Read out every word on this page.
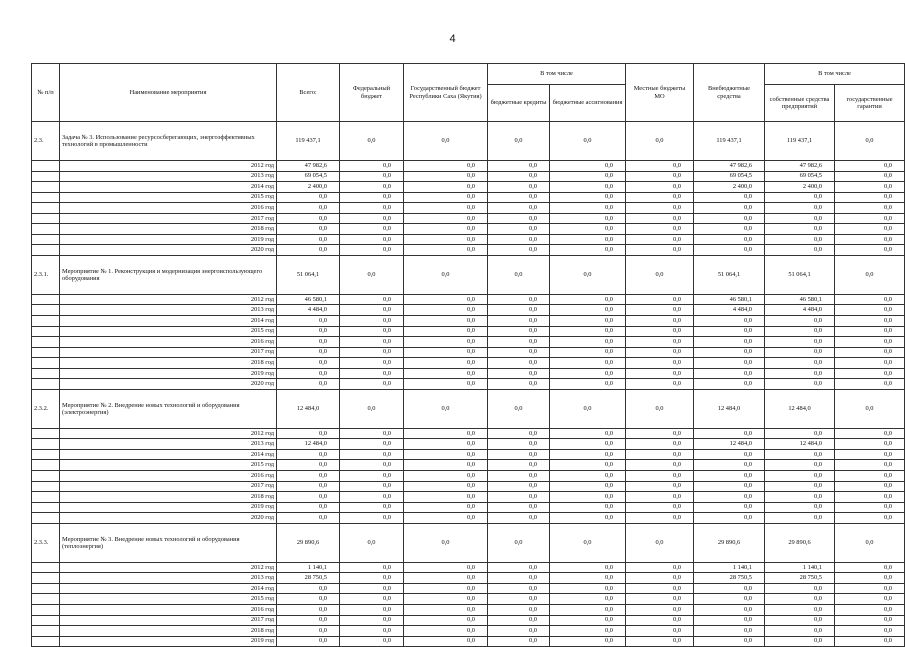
4
№ п/п	Наименование мероприятия	Всего:	Федеральный бюджет	Государственный бюджет Республики Саха (Якутия)	В том числе		Местные бюджеты МО	Внебюджетные средства	В том числе	
					бюджетные кредиты	бюджетные ассигнования			собственные средства предприятий	государственные гарантии
2.3.	Задача № 3. Использование ресурсосберегающих, энергоэффективных технологий в промышленности	119 437,1	0,0	0,0	0,0	0,0	0,0	119 437,1	119 437,1	0,0
	2012 год	47 982,6	0,0	0,0	0,0	0,0	0,0	47 982,6	47 982,6	0,0
	2013 год	69 054,5	0,0	0,0	0,0	0,0	0,0	69 054,5	69 054,5	0,0
	2014 год	2 400,0	0,0	0,0	0,0	0,0	0,0	2 400,0	2 400,0	0,0
	2015 год	0,0	0,0	0,0	0,0	0,0	0,0	0,0	0,0	0,0
	2016 год	0,0	0,0	0,0	0,0	0,0	0,0	0,0	0,0	0,0
	2017 год	0,0	0,0	0,0	0,0	0,0	0,0	0,0	0,0	0,0
	2018 год	0,0	0,0	0,0	0,0	0,0	0,0	0,0	0,0	0,0
	2019 год	0,0	0,0	0,0	0,0	0,0	0,0	0,0	0,0	0,0
	2020 год	0,0	0,0	0,0	0,0	0,0	0,0	0,0	0,0	0,0
2.3.1.	Мероприятие № 1. Реконструкция и модернизация энергоиспользующего оборудования	51 064,1	0,0	0,0	0,0	0,0	0,0	51 064,1	51 064,1	0,0
	2012 год	46 580,1	0,0	0,0	0,0	0,0	0,0	46 580,1	46 580,1	0,0
	2013 год	4 484,0	0,0	0,0	0,0	0,0	0,0	4 484,0	4 484,0	0,0
	2014 год	0,0	0,0	0,0	0,0	0,0	0,0	0,0	0,0	0,0
	2015 год	0,0	0,0	0,0	0,0	0,0	0,0	0,0	0,0	0,0
	2016 год	0,0	0,0	0,0	0,0	0,0	0,0	0,0	0,0	0,0
	2017 год	0,0	0,0	0,0	0,0	0,0	0,0	0,0	0,0	0,0
	2018 год	0,0	0,0	0,0	0,0	0,0	0,0	0,0	0,0	0,0
	2019 год	0,0	0,0	0,0	0,0	0,0	0,0	0,0	0,0	0,0
	2020 год	0,0	0,0	0,0	0,0	0,0	0,0	0,0	0,0	0,0
2.3.2.	Мероприятие № 2. Внедрение новых технологий и оборудования (электроэнергия)	12 484,0	0,0	0,0	0,0	0,0	0,0	12 484,0	12 484,0	0,0
	2012 год	0,0	0,0	0,0	0,0	0,0	0,0	0,0	0,0	0,0
	2013 год	12 484,0	0,0	0,0	0,0	0,0	0,0	12 484,0	12 484,0	0,0
	2014 год	0,0	0,0	0,0	0,0	0,0	0,0	0,0	0,0	0,0
	2015 год	0,0	0,0	0,0	0,0	0,0	0,0	0,0	0,0	0,0
	2016 год	0,0	0,0	0,0	0,0	0,0	0,0	0,0	0,0	0,0
	2017 год	0,0	0,0	0,0	0,0	0,0	0,0	0,0	0,0	0,0
	2018 год	0,0	0,0	0,0	0,0	0,0	0,0	0,0	0,0	0,0
	2019 год	0,0	0,0	0,0	0,0	0,0	0,0	0,0	0,0	0,0
	2020 год	0,0	0,0	0,0	0,0	0,0	0,0	0,0	0,0	0,0
2.3.3.	Мероприятие № 3. Внедрение новых технологий и оборудования (теплоэнергия)	29 890,6	0,0	0,0	0,0	0,0	0,0	29 890,6	29 890,6	0,0
	2012 год	1 140,1	0,0	0,0	0,0	0,0	0,0	1 140,1	1 140,1	0,0
	2013 год	28 750,5	0,0	0,0	0,0	0,0	0,0	28 750,5	28 750,5	0,0
	2014 год	0,0	0,0	0,0	0,0	0,0	0,0	0,0	0,0	0,0
	2015 год	0,0	0,0	0,0	0,0	0,0	0,0	0,0	0,0	0,0
	2016 год	0,0	0,0	0,0	0,0	0,0	0,0	0,0	0,0	0,0
	2017 год	0,0	0,0	0,0	0,0	0,0	0,0	0,0	0,0	0,0
	2018 год	0,0	0,0	0,0	0,0	0,0	0,0	0,0	0,0	0,0
	2019 год	0,0	0,0	0,0	0,0	0,0	0,0	0,0	0,0	0,0
